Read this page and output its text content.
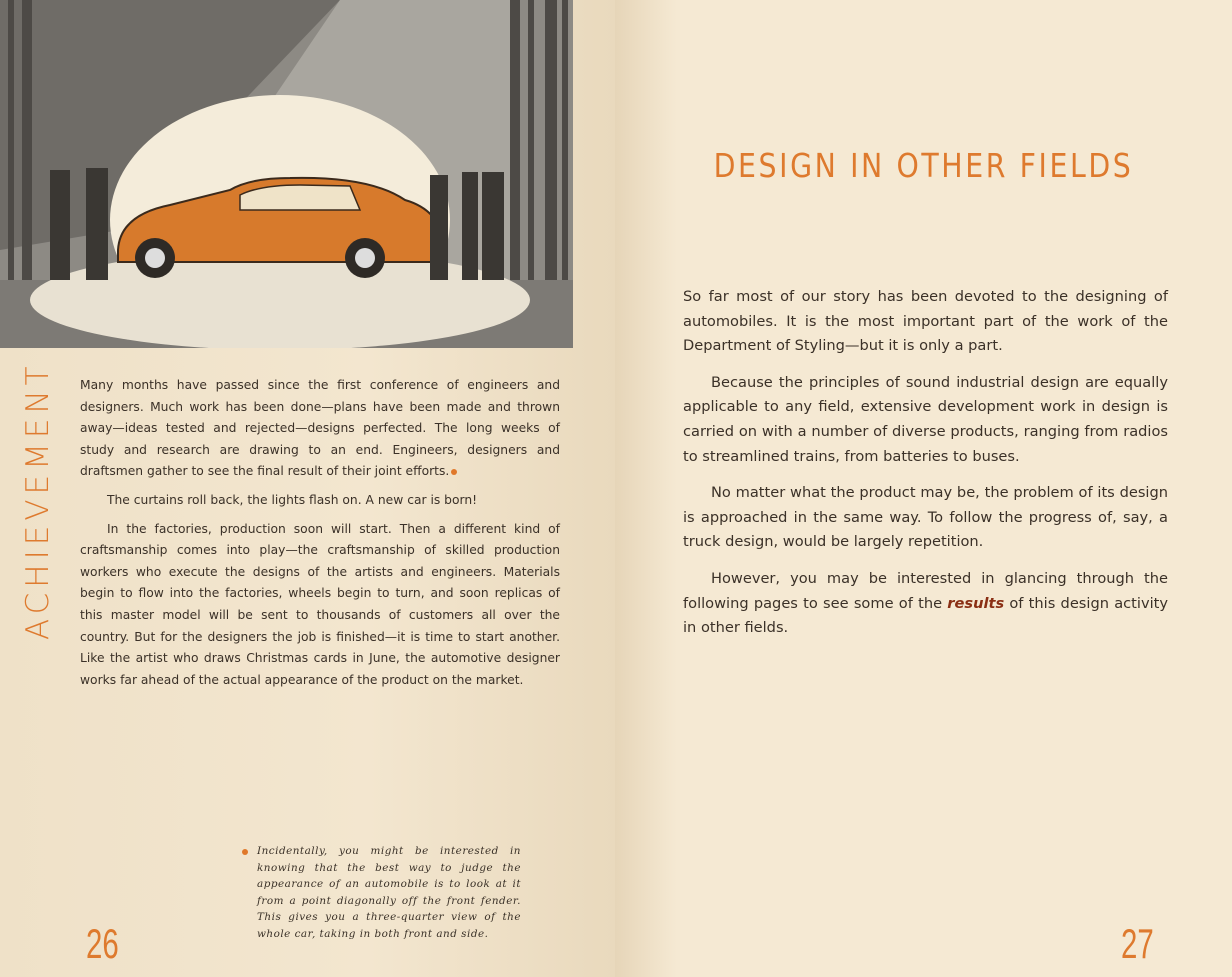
ACHIEVEMENT Many months have passed since the first conference of engineers and designers. Much work has been done—plans have been made and thrown away—ideas tested and rejected—designs perfected. The long weeks of study and research are drawing to an end. Engineers, designers and draftsmen gather to see the final result of their joint efforts.

The curtains roll back, the lights flash on. A new car is born!

In the factories, production soon will start. Then a different kind of craftsmanship comes into play—the craftsmanship of skilled production workers who execute the designs of the artists and engineers. Materials begin to flow into the factories, wheels begin to turn, and soon replicas of this master model will be sent to thousands of customers all over the country. But for the designers the job is finished—it is time to start another. Like the artist who draws Christmas cards in June, the automotive designer works far ahead of the actual appearance of the product on the market.

Incidentally, you might be interested in knowing that the best way to judge the appearance of an automobile is to look at it from a point diagonally off the front fender. This gives you a three-quarter view of the whole car, taking in both front and side.
26
DESIGN IN OTHER FIELDS

So far most of our story has been devoted to the designing of automobiles. It is the most important part of the work of the Department of Styling—but it is only a part.

Because the principles of sound industrial design are equally applicable to any field, extensive development work in design is carried on with a number of diverse products, ranging from radios to streamlined trains, from batteries to buses.

No matter what the product may be, the problem of its design is approached in the same way. To follow the progress of, say, a truck design, would be largely repetition.

However, you may be interested in glancing through the following pages to see some of the results of this design activity in other fields.

27
